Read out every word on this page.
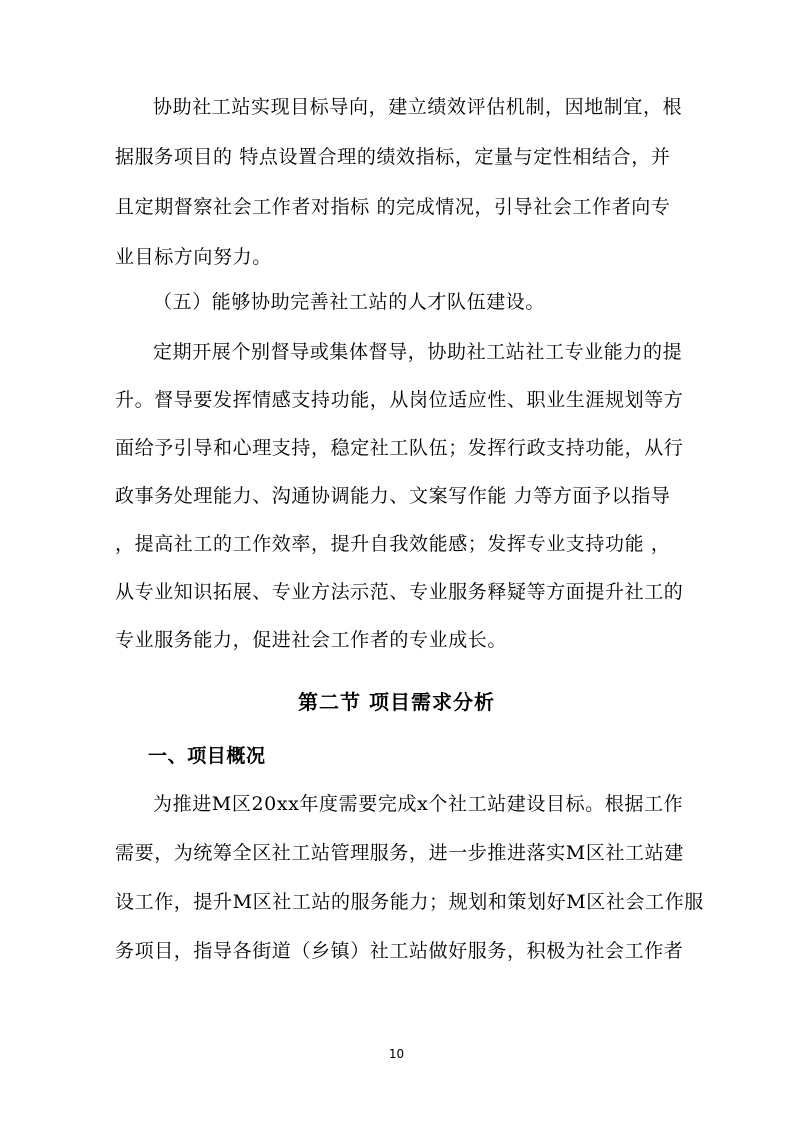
协助社工站实现目标导向，建立绩效评估机制，因地制宜，根
据服务项目的 特点设置合理的绩效指标，定量与定性相结合，并
且定期督察社会工作者对指标 的完成情况，引导社会工作者向专
业目标方向努力。
（五）能够协助完善社工站的人才队伍建设。
定期开展个别督导或集体督导，协助社工站社工专业能力的提
升。督导要发挥情感支持功能，从岗位适应性、职业生涯规划等方
面给予引导和心理支持，稳定社工队伍；发挥行政支持功能，从行
政事务处理能力、沟通协调能力、文案写作能 力等方面予以指导
，提高社工的工作效率，提升自我效能感；发挥专业支持功能 ，
从专业知识拓展、专业方法示范、专业服务释疑等方面提升社工的
专业服务能力，促进社会工作者的专业成长。
第二节 项目需求分析
一、项目概况
为推进M区20xx年度需要完成x个社工站建设目标。根据工作
需要，为统筹全区社工站管理服务，进一步推进落实M区社工站建
设工作，提升M区社工站的服务能力；规划和策划好M区社会工作服
务项目，指导各街道（乡镇）社工站做好服务，积极为社会工作者
10
